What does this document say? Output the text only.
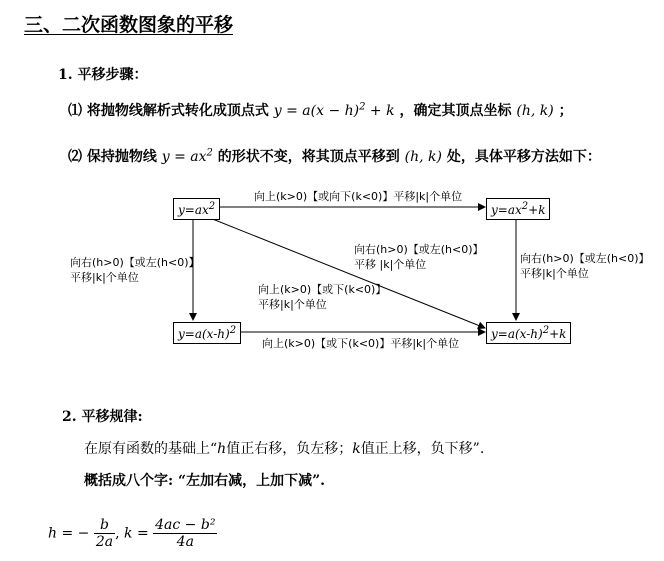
三、二次函数图象的平移
1. 平移步骤：
⑴ 将抛物线解析式转化成顶点式 $y = a(x - h)^2 + k$ ，确定其顶点坐标 (h, k) ；
⑵ 保持抛物线 $y = ax^2$ 的形状不变，将其顶点平移到 (h, k) 处，具体平移方法如下：
$y=ax^2$	$y=ax^2+k$
$y=a(x-h)^2$	$y=a(x-h)^2+k$
向上(k>0)【或向下(k<0)】平移|k|个单位
向右(h>0)【或左(h<0)】
平移|k|个单位
向右(h>0)【或左(h<0)】
平移|k|个单位
向右(h>0)【或左(h<0)】
平移 |k|个单位
向上(k>0)【或下(k<0)】
平移|k|个单位
向上(k>0)【或下(k<0)】平移|k|个单位
2. 平移规律:
在原有函数的基础上“h值正右移，负左移；k值正上移，负下移”.
概括成八个字: “左加右减，上加下减”.
h = − $\frac{b}{2a}$ , $k = \frac{\text{4ac − b²}}{4a}$
